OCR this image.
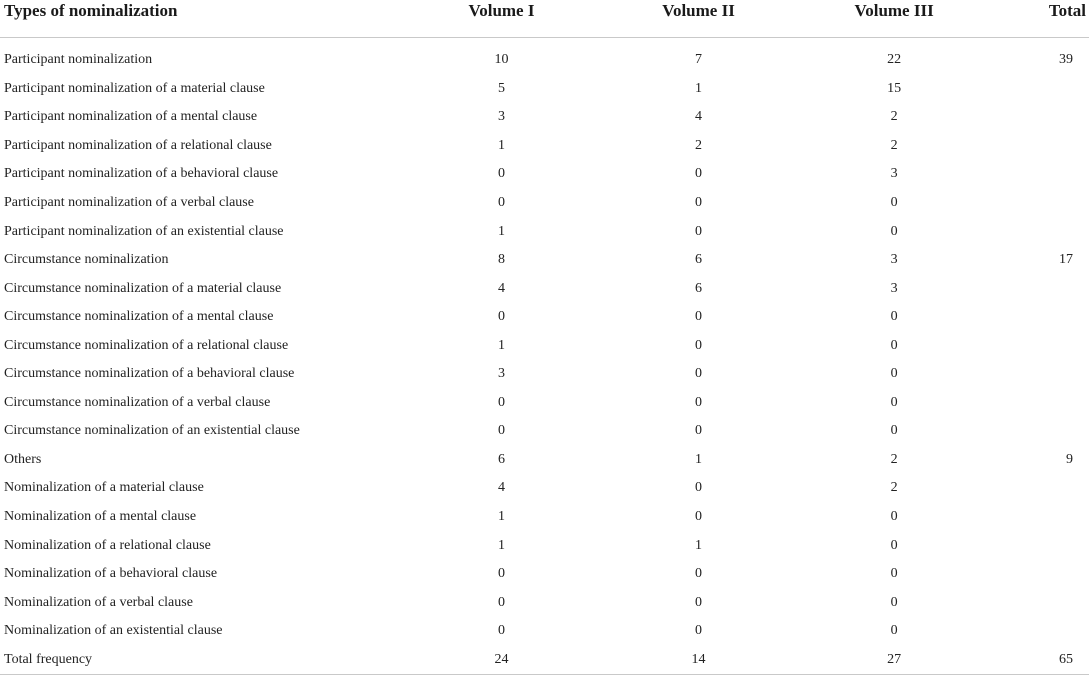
Types of nominalization	Volume I	Volume II	Volume III	Total
Participant nominalization	10	7	22	39
Participant nominalization of a material clause	5	1	15	
Participant nominalization of a mental clause	3	4	2	
Participant nominalization of a relational clause	1	2	2	
Participant nominalization of a behavioral clause	0	0	3	
Participant nominalization of a verbal clause	0	0	0	
Participant nominalization of an existential clause	1	0	0	
Circumstance nominalization	8	6	3	17
Circumstance nominalization of a material clause	4	6	3	
Circumstance nominalization of a mental clause	0	0	0	
Circumstance nominalization of a relational clause	1	0	0	
Circumstance nominalization of a behavioral clause	3	0	0	
Circumstance nominalization of a verbal clause	0	0	0	
Circumstance nominalization of an existential clause	0	0	0	
Others	6	1	2	9
Nominalization of a material clause	4	0	2	
Nominalization of a mental clause	1	0	0	
Nominalization of a relational clause	1	1	0	
Nominalization of a behavioral clause	0	0	0	
Nominalization of a verbal clause	0	0	0	
Nominalization of an existential clause	0	0	0	
Total frequency	24	14	27	65
